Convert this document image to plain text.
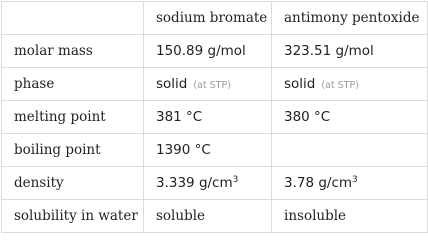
	sodium bromate	antimony pentoxide
molar mass	150.89 g/mol	323.51 g/mol
phase	solid (at STP)	solid (at STP)
melting point	381 °C	380 °C
boiling point	1390 °C	
density	3.339 $g/cm^3$	3.78 $g/cm^3$
solubility in water	soluble	insoluble
